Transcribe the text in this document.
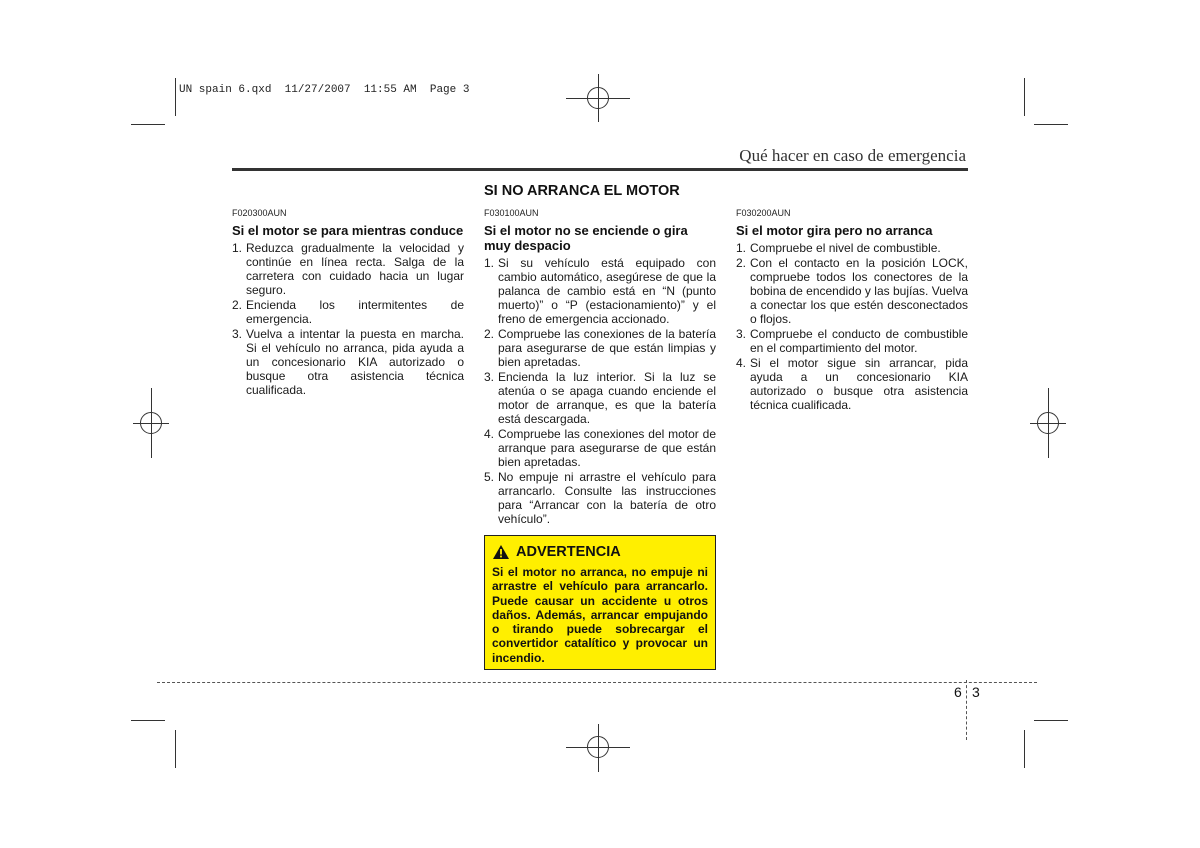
UN spain 6.qxd  11/27/2007  11:55 AM  Page 3
Qué hacer en caso de emergencia
SI NO ARRANCA EL MOTOR
F020300AUN
Si el motor se para mientras conduce
1. Reduzca gradualmente la velocidad y continúe en línea recta. Salga de la carretera con cuidado hacia un lugar seguro.
2. Encienda los intermitentes de emergencia.
3. Vuelva a intentar la puesta en marcha. Si el vehículo no arranca, pida ayuda a un concesionario KIA autorizado o busque otra asistencia técnica cualificada.
F030100AUN
Si el motor no se enciende o gira muy despacio
1. Si su vehículo está equipado con cambio automático, asegúrese de que la palanca de cambio está en “N (punto muerto)” o “P (estacionamiento)” y el freno de emergencia accionado.
2. Compruebe las conexiones de la batería para asegurarse de que están limpias y bien apretadas.
3. Encienda la luz interior. Si la luz se atenúa o se apaga cuando enciende el motor de arranque, es que la batería está descargada.
4. Compruebe las conexiones del motor de arranque para asegurarse de que están bien apretadas.
5. No empuje ni arrastre el vehículo para arrancarlo. Consulte las instrucciones para “Arrancar con la batería de otro vehículo”.
F030200AUN
Si el motor gira pero no arranca
1. Compruebe el nivel de combustible.
2. Con el contacto en la posición LOCK, compruebe todos los conectores de la bobina de encendido y las bujías. Vuelva a conectar los que estén desconectados o flojos.
3. Compruebe el conducto de combustible en el compartimiento del motor.
4. Si el motor sigue sin arrancar, pida ayuda a un concesionario KIA autorizado o busque otra asistencia técnica cualificada.
ADVERTENCIA
Si el motor no arranca, no empuje ni arrastre el vehículo para arrancarlo. Puede causar un accidente u otros daños. Además, arrancar empujando o tirando puede sobrecargar el convertidor catalítico y provocar un incendio.
6 3
